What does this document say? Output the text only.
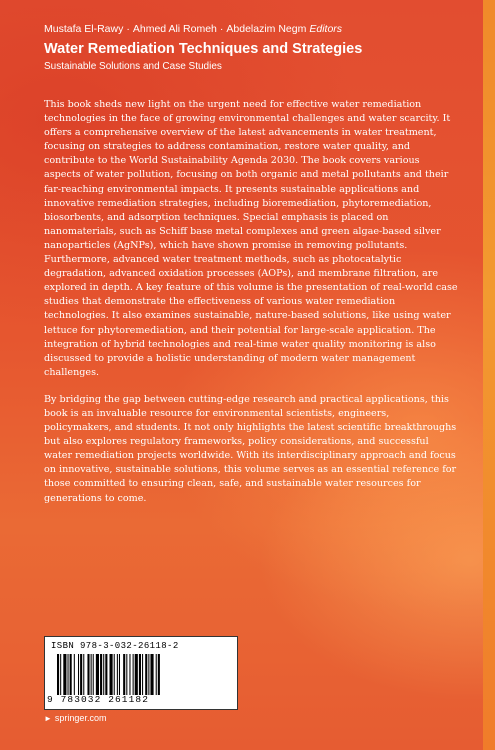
Mustafa El-Rawy · Ahmed Ali Romeh · Abdelazim Negm Editors
Water Remediation Techniques and Strategies
Sustainable Solutions and Case Studies

This book sheds new light on the urgent need for effective water remediation technologies in the face of growing environmental challenges and water scarcity. It offers a comprehensive overview of the latest advancements in water treatment, focusing on strategies to address contamination, restore water quality, and contribute to the World Sustainability Agenda 2030. The book covers various aspects of water pollution, focusing on both organic and metal pollutants and their far-reaching environmental impacts. It presents sustainable applications and innovative remediation strategies, including bioremediation, phytoremediation, biosorbents, and adsorption techniques. Special emphasis is placed on nanomaterials, such as Schiff base metal complexes and green algae-based silver nanoparticles (AgNPs), which have shown promise in removing pollutants. Furthermore, advanced water treatment methods, such as photocatalytic degradation, advanced oxidation processes (AOPs), and membrane filtration, are explored in depth. A key feature of this volume is the presentation of real-world case studies that demonstrate the effectiveness of various water remediation technologies. It also examines sustainable, nature-based solutions, like using water lettuce for phytoremediation, and their potential for large-scale application. The integration of hybrid technologies and real-time water quality monitoring is also discussed to provide a holistic understanding of modern water management challenges.

By bridging the gap between cutting-edge research and practical applications, this book is an invaluable resource for environmental scientists, engineers, policymakers, and students. It not only highlights the latest scientific breakthroughs but also explores regulatory frameworks, policy considerations, and successful water remediation projects worldwide. With its interdisciplinary approach and focus on innovative, sustainable solutions, this volume serves as an essential reference for those committed to ensuring clean, safe, and sustainable water resources for generations to come.

ISBN 978-3-032-26118-2
9 783032 261182
► springer.com
